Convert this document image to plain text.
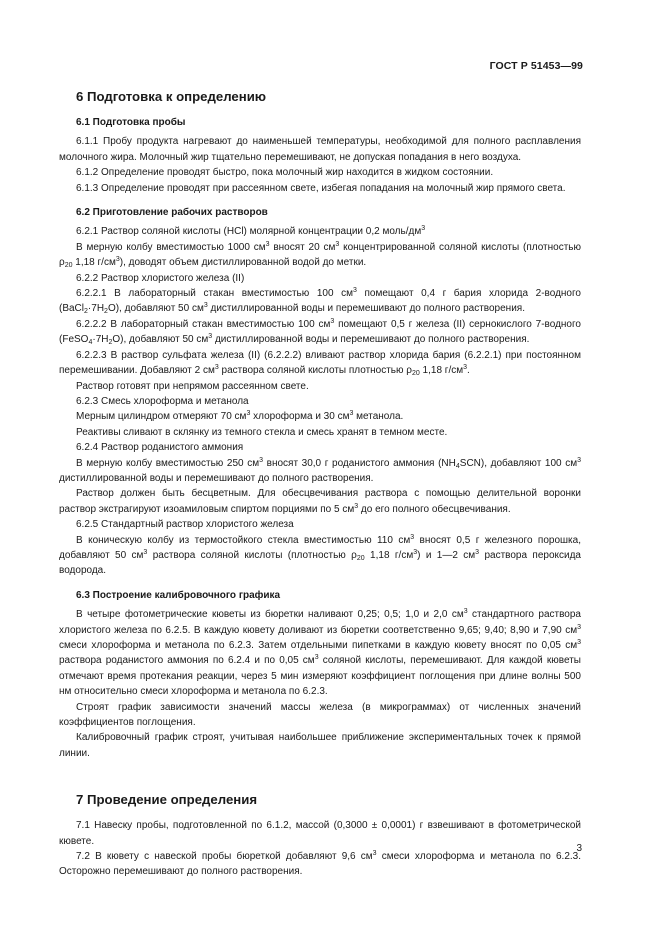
ГОСТ Р 51453—99
6 Подготовка к определению
6.1 Подготовка пробы

6.1.1 Пробу продукта нагревают до наименьшей температуры, необходимой для полного расплавления молочного жира. Молочный жир тщательно перемешивают, не допуская попадания в него воздуха.

6.1.2 Определение проводят быстро, пока молочный жир находится в жидком состоянии.

6.1.3 Определение проводят при рассеянном свете, избегая попадания на молочный жир прямого света.

6.2 Приготовление рабочих растворов

6.2.1 Раствор соляной кислоты (HCl) молярной концентрации 0,2 моль/$дм^3$

В мерную колбу вместимостью 1000 $см^3$ вносят 20 $см^3$ концентрированной соляной кислоты (плотностью $\rho_{20}$ 1,18 $г/см^3$), доводят объем дистиллированной водой до метки.

6.2.2 Раствор хлористого железа (II)

6.2.2.1 В лабораторный стакан вместимостью 100 $см^3$ помещают 0,4 г бария хлорида 2-водного $(BaCl_2\cdot 7H_2O)$, добавляют 50 $см^3$ дистиллированной воды и перемешивают до полного растворения.

6.2.2.2 В лабораторный стакан вместимостью 100 $см^3$ помещают 0,5 г железа (II) сернокислого 7-водного $(FeSO_4\cdot 7H_2O)$, добавляют 50 $см^3$ дистиллированной воды и перемешивают до полного растворения.

6.2.2.3 В раствор сульфата железа (II) (6.2.2.2) вливают раствор хлорида бария (6.2.2.1) при постоянном перемешивании. Добавляют 2 $см^3$ раствора соляной кислоты плотностью $\rho_{20}$ 1,18 $г/см^3$.

Раствор готовят при непрямом рассеянном свете.

6.2.3 Смесь хлороформа и метанола

Мерным цилиндром отмеряют 70 $см^3$ хлороформа и 30 $см^3$ метанола.

Реактивы сливают в склянку из темного стекла и смесь хранят в темном месте.

6.2.4 Раствор роданистого аммония

В мерную колбу вместимостью 250 $см^3$ вносят 30,0 г роданистого аммония $(NH_4SCN)$, добавляют 100 $см^3$ дистиллированной воды и перемешивают до полного растворения.

Раствор должен быть бесцветным. Для обесцвечивания раствора с помощью делительной воронки раствор экстрагируют изоамиловым спиртом порциями по 5 $см^3$ до его полного обесцвечивания.

6.2.5 Стандартный раствор хлористого железа

В коническую колбу из термостойкого стекла вместимостью 110 $см^3$ вносят 0,5 г железного порошка, добавляют 50 $см^3$ раствора соляной кислоты (плотностью $\rho_{20}$ 1,18 $г/см^3$) и 1—2 $см^3$ раствора пероксида водорода.

6.3 Построение калибровочного графика

В четыре фотометрические кюветы из бюретки наливают 0,25; 0,5; 1,0 и 2,0 $см^3$ стандартного раствора хлористого железа по 6.2.5. В каждую кювету доливают из бюретки соответственно 9,65; 9,40; 8,90 и 7,90 $см^3$ смеси хлороформа и метанола по 6.2.3. Затем отдельными пипетками в каждую кювету вносят по 0,05 $см^3$ раствора роданистого аммония по 6.2.4 и по 0,05 $см^3$ соляной кислоты, перемешивают. Для каждой кюветы отмечают время протекания реакции, через 5 мин измеряют коэффициент поглощения при длине волны 500 нм относительно смеси хлороформа и метанола по 6.2.3.

Строят график зависимости значений массы железа (в микрограммах) от численных значений коэффициентов поглощения.

Калибровочный график строят, учитывая наибольшее приближение экспериментальных точек к прямой линии.

7 Проведение определения

7.1 Навеску пробы, подготовленной по 6.1.2, массой (0,3000 ± 0,0001) г взвешивают в фотометрической кювете.

7.2 В кювету с навеской пробы бюреткой добавляют 9,6 $см^3$ смеси хлороформа и метанола по 6.2.3. Осторожно перемешивают до полного растворения.

3
